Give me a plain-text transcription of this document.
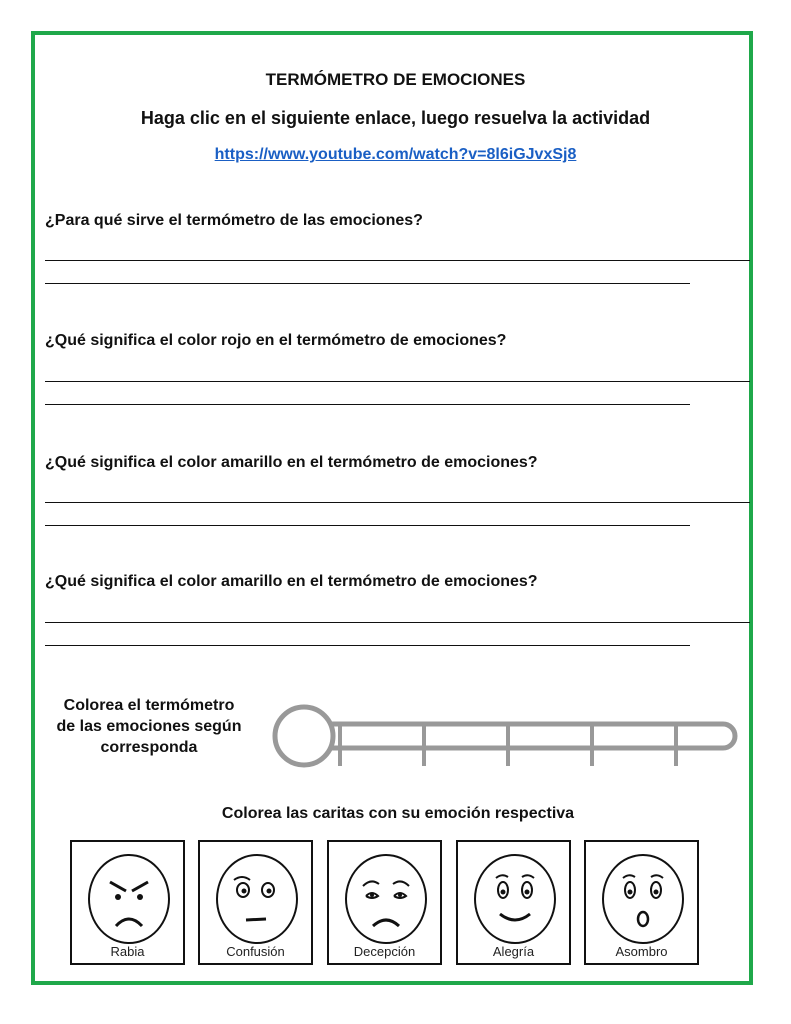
TERMÓMETRO DE EMOCIONES
Haga clic en el siguiente enlace, luego resuelva la actividad
https://www.youtube.com/watch?v=8l6iGJvxSj8
¿Para qué sirve el termómetro de las emociones?
¿Qué significa el color rojo en el termómetro de emociones?
¿Qué significa el color amarillo en el termómetro de emociones?
¿Qué significa el color amarillo en el termómetro de emociones?
Colorea el termómetro
de las emociones según
corresponda
Colorea las caritas con su emoción respectiva
Rabia	Confusión	Decepción	Alegría	Asombro
